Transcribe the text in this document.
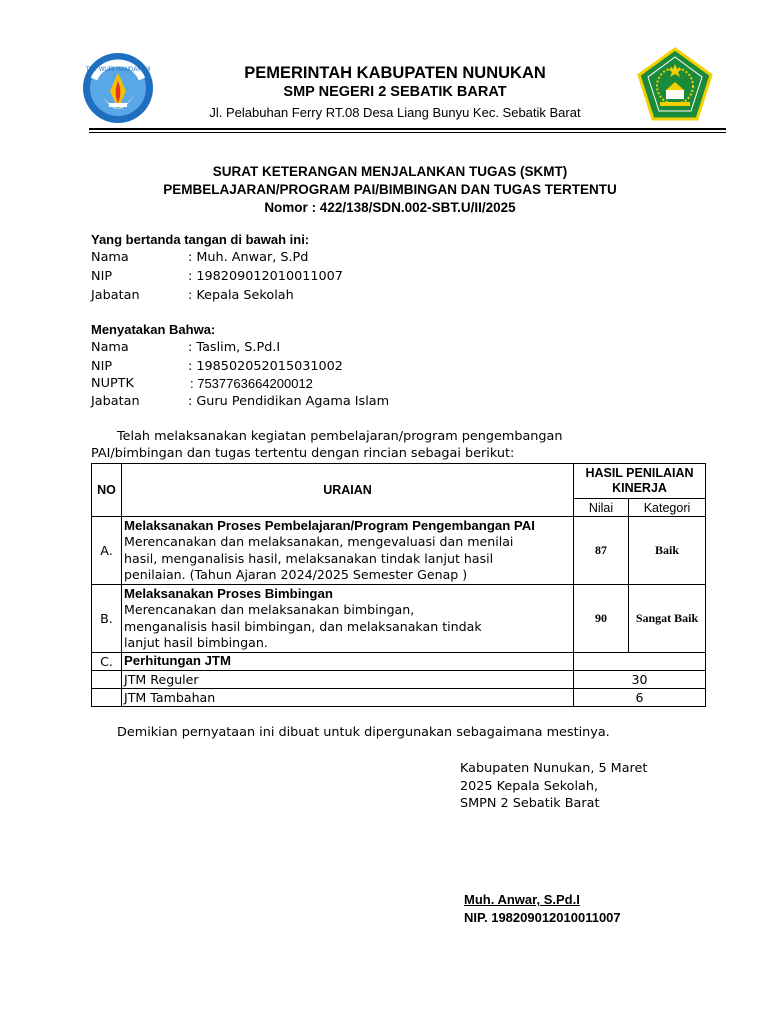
TUT WURI HANDAYANI	PEMERINTAH KABUPATEN NUNUKAN
SMP NEGERI 2 SEBATIK BARAT
Jl. Pelabuhan Ferry RT.08 Desa Liang Bunyu Kec. Sebatik Barat
SURAT KETERANGAN MENJALANKAN TUGAS (SKMT)
PEMBELAJARAN/PROGRAM PAI/BIMBINGAN DAN TUGAS TERTENTU
Nomor : 422/138/SDN.002-SBT.U/II/2025
Yang bertanda tangan di bawah ini:
Nama	: Muh. Anwar, S.Pd
NIP	: 198209012010011007
Jabatan	: Kepala Sekolah
Menyatakan Bahwa:
Nama	: Taslim, S.Pd.I
NIP	: 198502052015031002
NUPTK	: 7537763664200012
Jabatan	: Guru Pendidikan Agama Islam
Telah melaksanakan kegiatan pembelajaran/program pengembangan
PAI/bimbingan dan tugas tertentu dengan rincian sebagai berikut:
NO	URAIAN	HASIL PENILAIAN KINERJA	
		Nilai	Kategori
A.	Melaksanakan Proses Pembelajaran/Program Pengembangan PAI
Merencanakan dan melaksanakan, mengevaluasi dan menilai
hasil, menganalisis hasil, melaksanakan tindak lanjut hasil
penilaian. (Tahun Ajaran 2024/2025 Semester Genap )	87	Baik
B.	Melaksanakan Proses Bimbingan
Merencanakan dan melaksanakan bimbingan,
menganalisis hasil bimbingan, dan melaksanakan tindak
lanjut hasil bimbingan.	90	Sangat Baik
C.	Perhitungan JTM		
	JTM Reguler	30	
	JTM Tambahan	6	
Demikian pernyataan ini dibuat untuk dipergunakan sebagaimana mestinya.
Kabupaten Nunukan, 5 Maret
2025 Kepala Sekolah,
SMPN 2 Sebatik Barat
Muh. Anwar, S.Pd.I
NIP. 198209012010011007
